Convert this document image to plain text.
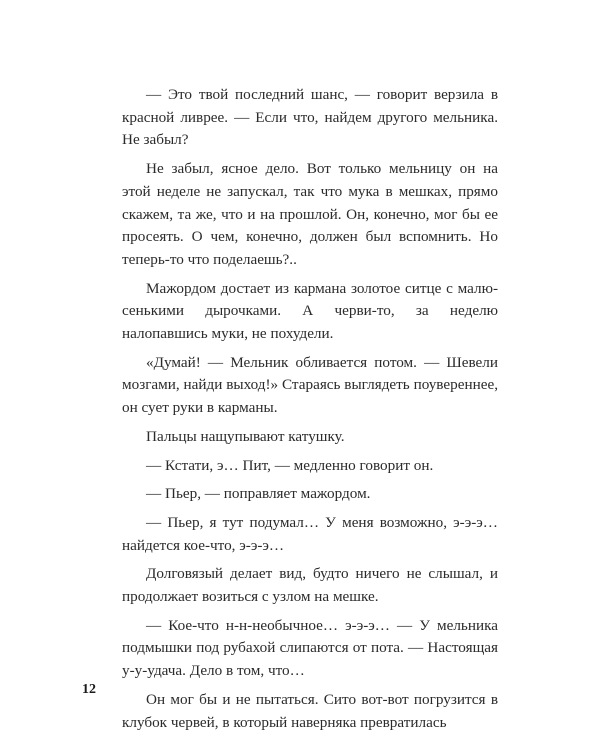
— Это твой последний шанс, — говорит верзила в красной ливрее. — Если что, найдем другого мельника. Не забыл?

Не забыл, ясное дело. Вот только мельницу он на этой неделе не запускал, так что мука в мешках, прямо скажем, та же, что и на прошлой. Он, конечно, мог бы ее просеять. О чем, конечно, должен был вспомнить. Но теперь-то что поделаешь?..

Мажордом достает из кармана золотое ситце с малюсенькими дырочками. А черви-то, за неделю налопавшись муки, не похудели.

«Думай! — Мельник обливается потом. — Шевели мозгами, найди выход!» Стараясь выглядеть поувереннее, он сует руки в карманы.

Пальцы нащупывают катушку.

— Кстати, э… Пит, — медленно говорит он.

— Пьер, — поправляет мажордом.

— Пьер, я тут подумал… У меня возможно, э-э-э… найдется кое-что, э-э-э…

Долговязый делает вид, будто ничего не слышал, и продолжает возиться с узлом на мешке.

— Кое-что н-н-необычное… э-э-э… — У мельника подмышки под рубахой слипаются от пота. — Настоящая у-у-удача. Дело в том, что…

Он мог бы и не пытаться. Сито вот-вот погрузится в клубок червей, в который наверняка превратилась

12
